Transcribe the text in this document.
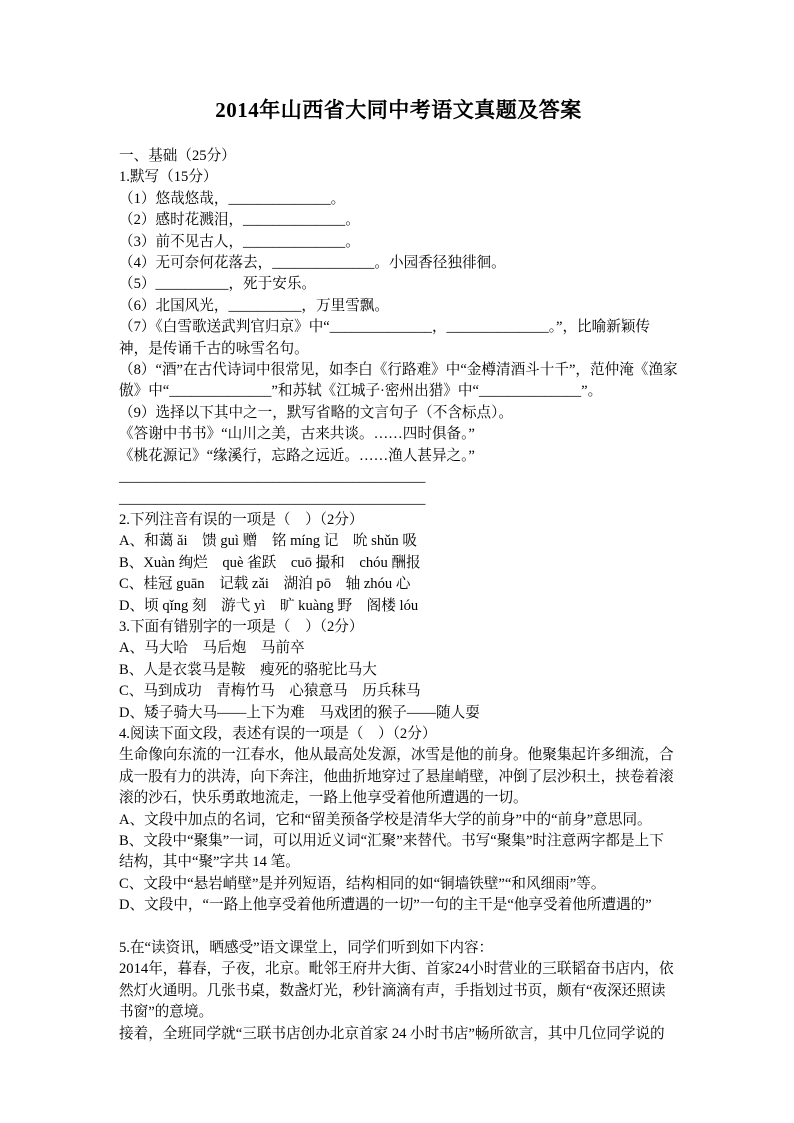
2014年山西省大同中考语文真题及答案

一、基础（25分）

1.默写（15分）

（1）悠哉悠哉，______________。

（2）感时花溅泪，______________。

（3）前不见古人，______________。

（4）无可奈何花落去，______________。小园香径独徘徊。

（5）__________，死于安乐。

（6）北国风光，__________，万里雪飘。

（7）《白雪歌送武判官归京》中“______________，______________。”，比喻新颖传神，是传诵千古的咏雪名句。

（8）“酒”在古代诗词中很常见，如李白《行路难》中“金樽清酒斗十千”，范仲淹《渔家傲》中“______________”和苏轼《江城子·密州出猎》中“______________”。

（9）选择以下其中之一，默写省略的文言句子（不含标点）。

《答谢中书书》“山川之美，古来共谈。……四时俱备。”

《桃花源记》“缘溪行，忘路之远近。……渔人甚异之。”

__________________________________________

__________________________________________

2.下列注音有误的一项是（　）（2分）

A、和蔼 ǎi　馈 guì 赠　铭 míng 记　吮 shǔn 吸

B、Xuàn 绚烂　què 雀跃　cuō 撮和　chóu 酬报

C、桂冠 guān　记载 zǎi　湖泊 pō　轴 zhóu 心

D、顷 qǐng 刻　游弋 yì　旷 kuàng 野　阁楼 lóu

3.下面有错别字的一项是（　）（2分）

A、马大哈　马后炮　马前卒

B、人是衣裳马是鞍　瘦死的骆驼比马大

C、马到成功　青梅竹马　心猿意马　历兵秣马

D、矮子骑大马——上下为难　马戏团的猴子——随人耍

4.阅读下面文段，表述有误的一项是（　）（2分）

生命像向东流的一江春水，他从最高处发源，冰雪是他的前身。他聚集起许多细流，合成一股有力的洪涛，向下奔注，他曲折地穿过了悬崖峭壁，冲倒了层沙积土，挟卷着滚滚的沙石，快乐勇敢地流走，一路上他享受着他所遭遇的一切。

A、文段中加点的名词，它和“留美预备学校是清华大学的前身”中的“前身”意思同。

B、文段中“聚集”一词，可以用近义词“汇聚”来替代。书写“聚集”时注意两字都是上下结构，其中“聚”字共 14 笔。

C、文段中“悬岩峭壁”是并列短语，结构相同的如“铜墙铁壁”“和风细雨”等。

D、文段中，“一路上他享受着他所遭遇的一切”一句的主干是“他享受着他所遭遇的”

5.在“读资讯，晒感受”语文课堂上，同学们听到如下内容：

2014年，暮春，子夜，北京。毗邻王府井大街、首家24小时营业的三联韬奋书店内，依然灯火通明。几张书桌，数盏灯光，秒针滴滴有声，手指划过书页，颇有“夜深还照读书窗”的意境。

接着，全班同学就“三联书店创办北京首家 24 小时书店”畅所欲言，其中几位同学说的
